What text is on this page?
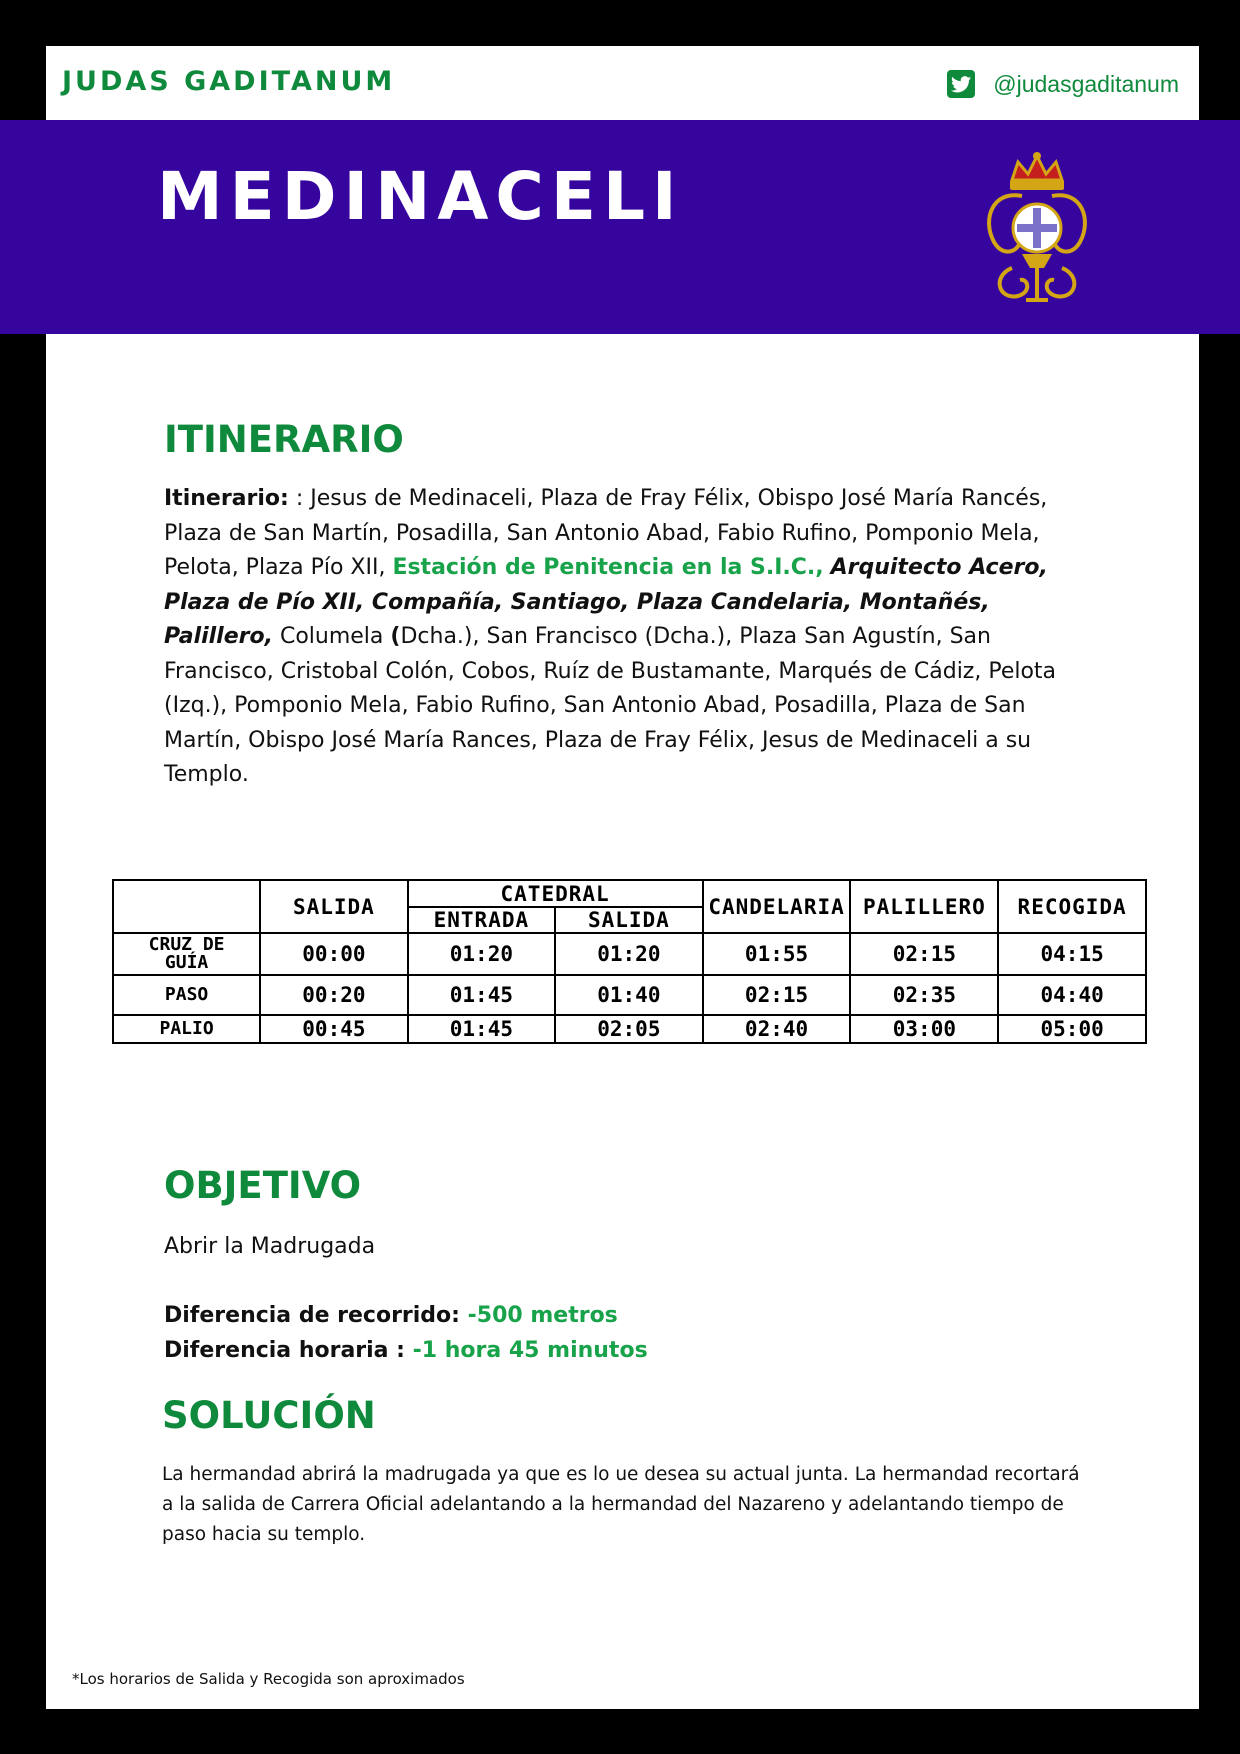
JUDAS GADITANUM	@judasgaditanum
ITINERARIO
Itinerario: : Jesus de Medinaceli, Plaza de Fray Félix, Obispo José María Rancés, Plaza de San Martín, Posadilla, San Antonio Abad, Fabio Rufino, Pomponio Mela, Pelota, Plaza Pío XII, Estación de Penitencia en la S.I.C., Arquitecto Acero, Plaza de Pío XII, Compañía, Santiago, Plaza Candelaria, Montañés, Palillero, Columela (Dcha.), San Francisco (Dcha.), Plaza San Agustín, San Francisco, Cristobal Colón, Cobos, Ruíz de Bustamante, Marqués de Cádiz, Pelota (Izq.), Pomponio Mela, Fabio Rufino, San Antonio Abad, Posadilla, Plaza de San Martín, Obispo José María Rances, Plaza de Fray Félix, Jesus de Medinaceli a su Templo.
OBJETIVO
Abrir la Madrugada
Diferencia de recorrido: -500 metros
Diferencia horaria : -1 hora 45 minutos
SOLUCIÓN
La hermandad abrirá la madrugada ya que es lo ue desea su actual junta. La hermandad recortará a la salida de Carrera Oficial adelantando a la hermandad del Nazareno y adelantando tiempo de paso hacia su templo.
*Los horarios de Salida y Recogida son aproximados
MEDINACELI
	SALIDA	CATEDRAL		CANDELARIA	PALILLERO	RECOGIDA
		ENTRADA	SALIDA			

CRUZ DE
GUÍA	00:00	01:20	01:20	01:55	02:15	04:15
PASO	00:20	01:45	01:40	02:15	02:35	04:40
PALIO	00:45	01:45	02:05	02:40	03:00	05:00
